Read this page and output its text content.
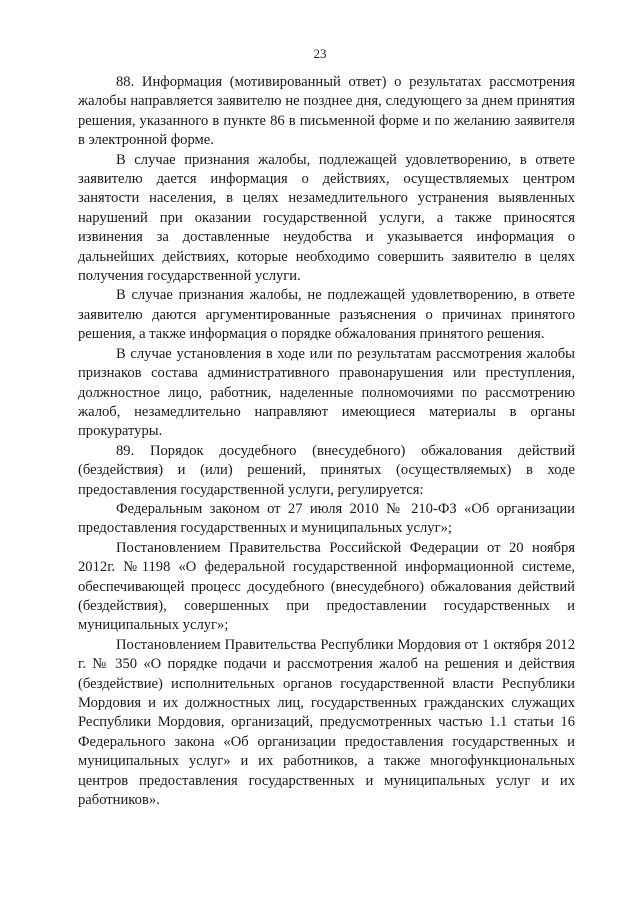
23

88. Информация (мотивированный ответ) о результатах рассмотрения жалобы направляется заявителю не позднее дня, следующего за днем принятия решения, указанного в пункте 86 в письменной форме и по желанию заявителя в электронной форме.

В случае признания жалобы, подлежащей удовлетворению, в ответе заявителю дается информация о действиях, осуществляемых центром занятости населения, в целях незамедлительного устранения выявленных нарушений при оказании государственной услуги, а также приносятся извинения за доставленные неудобства и указывается информация о дальнейших действиях, которые необходимо совершить заявителю в целях получения государственной услуги.

В случае признания жалобы, не подлежащей удовлетворению, в ответе заявителю даются аргументированные разъяснения о причинах принятого решения, а также информация о порядке обжалования принятого решения.

В случае установления в ходе или по результатам рассмотрения жалобы признаков состава административного правонарушения или преступления, должностное лицо, работник, наделенные полномочиями по рассмотрению жалоб, незамедлительно направляют имеющиеся материалы в органы прокуратуры.

89. Порядок досудебного (внесудебного) обжалования действий (бездействия) и (или) решений, принятых (осуществляемых) в ходе предоставления государственной услуги, регулируется:

Федеральным законом от 27 июля 2010 № 210-ФЗ «Об организации предоставления государственных и муниципальных услуг»;

Постановлением Правительства Российской Федерации от 20 ноября 2012г. №1198 «О федеральной государственной информационной системе, обеспечивающей процесс досудебного (внесудебного) обжалования действий (бездействия), совершенных при предоставлении государственных и муниципальных услуг»;

Постановлением Правительства Республики Мордовия от 1 октября 2012 г. № 350 «О порядке подачи и рассмотрения жалоб на решения и действия (бездействие) исполнительных органов государственной власти Республики Мордовия и их должностных лиц, государственных гражданских служащих Республики Мордовия, организаций, предусмотренных частью 1.1 статьи 16 Федерального закона «Об организации предоставления государственных и муниципальных услуг» и их работников, а также многофункциональных центров предоставления государственных и муниципальных услуг и их работников».
